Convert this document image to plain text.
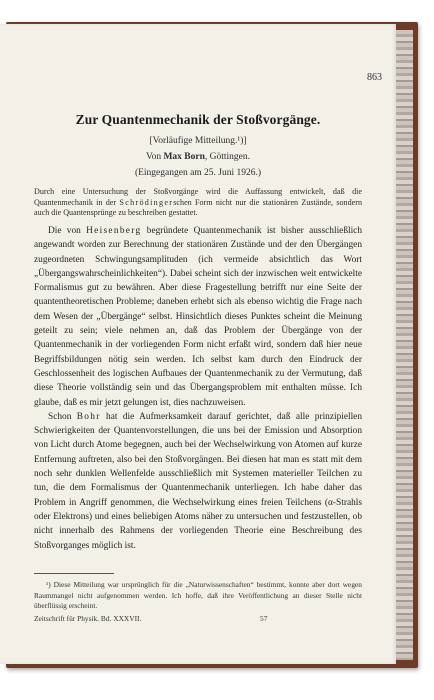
863
Zur Quantenmechanik der Stoßvorgänge.
[Vorläufige Mitteilung.¹)]
Von Max Born, Göttingen.
(Eingegangen am 25. Juni 1926.)
Durch eine Untersuchung der Stoßvorgänge wird die Auffassung entwickelt, daß die Quantenmechanik in der Schrödingerschen Form nicht nur die stationären Zustände, sondern auch die Quantensprünge zu beschreiben gestattet.

Die von Heisenberg begründete Quantenmechanik ist bisher ausschließlich angewandt worden zur Berechnung der stationären Zustände und der den Übergängen zugeordneten Schwingungsamplituden (ich vermeide absichtlich das Wort „Übergangswahrscheinlichkeiten“). Dabei scheint sich der inzwischen weit entwickelte Formalismus gut zu bewähren. Aber diese Fragestellung betrifft nur eine Seite der quantentheoretischen Probleme; daneben erhebt sich als ebenso wichtig die Frage nach dem Wesen der „Übergänge“ selbst. Hinsichtlich dieses Punktes scheint die Meinung geteilt zu sein; viele nehmen an, daß das Problem der Übergänge von der Quantenmechanik in der vorliegenden Form nicht erfaßt wird, sondern daß hier neue Begriffsbildungen nötig sein werden. Ich selbst kam durch den Eindruck der Geschlossenheit des logischen Aufbaues der Quantenmechanik zu der Vermutung, daß diese Theorie vollständig sein und das Übergangsproblem mit enthalten müsse. Ich glaube, daß es mir jetzt gelungen ist, dies nachzuweisen.

Schon Bohr hat die Aufmerksamkeit darauf gerichtet, daß alle prinzipiellen Schwierigkeiten der Quantenvorstellungen, die uns bei der Emission und Absorption von Licht durch Atome begegnen, auch bei der Wechselwirkung von Atomen auf kurze Entfernung auftreten, also bei den Stoßvorgängen. Bei diesen hat man es statt mit dem noch sehr dunklen Wellenfelde ausschließlich mit Systemen materieller Teilchen zu tun, die dem Formalismus der Quantenmechanik unterliegen. Ich habe daher das Problem in Angriff genommen, die Wechselwirkung eines freien Teilchens (α-Strahls oder Elektrons) und eines beliebigen Atoms näher zu untersuchen und festzustellen, ob nicht innerhalb des Rahmens der vorliegenden Theorie eine Beschreibung des Stoßvorganges möglich ist.

¹) Diese Mitteilung war ursprünglich für die „Naturwissenschaften“ bestimmt, konnte aber dort wegen Raummangel nicht aufgenommen werden. Ich hoffe, daß ihre Veröffentlichung an dieser Stelle nicht überflüssig erscheint.
Zeitschrift für Physik. Bd. XXXVII.	57
